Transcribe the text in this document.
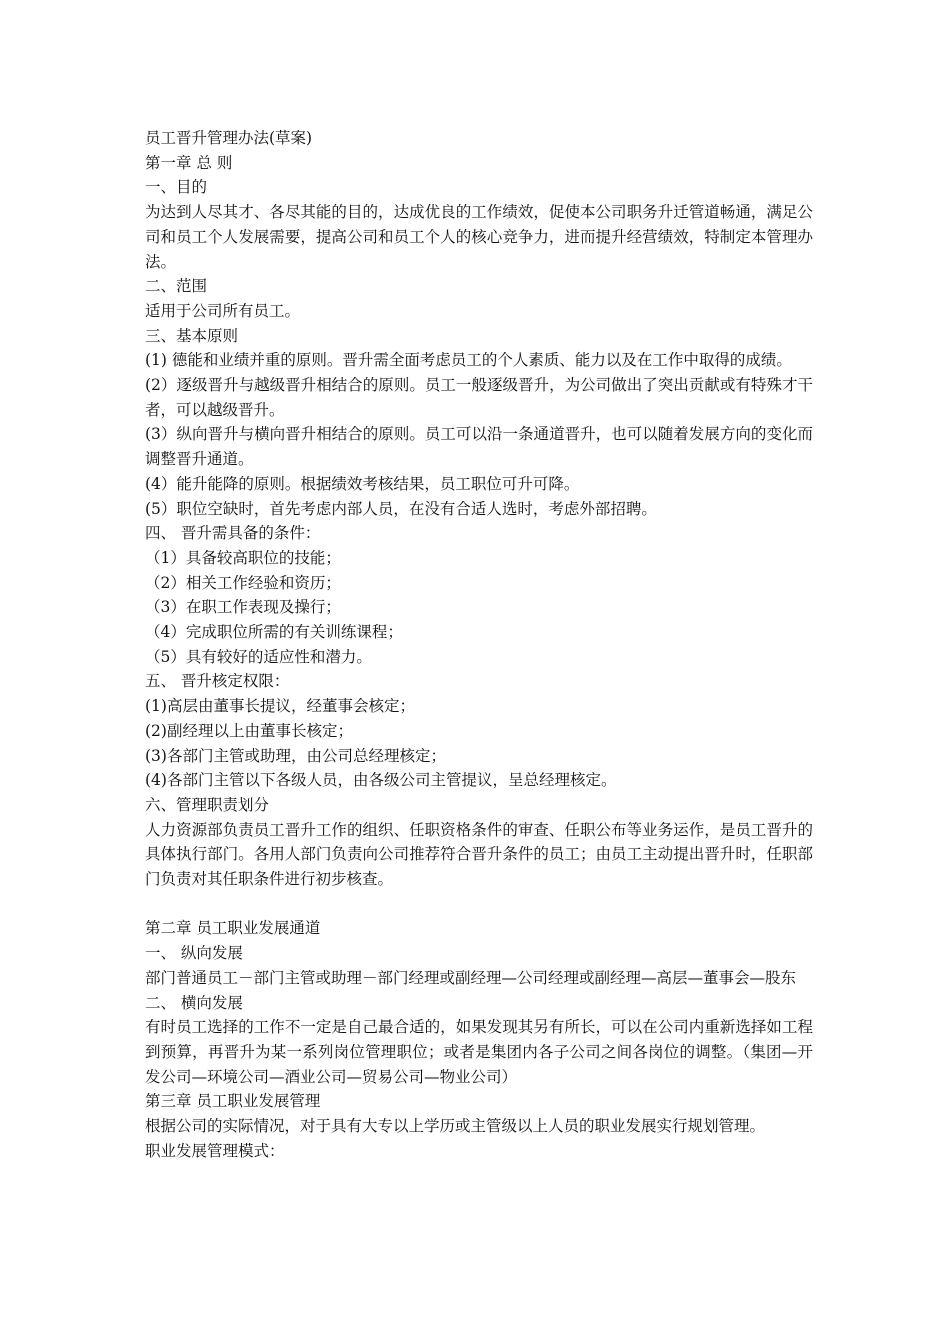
员工晋升管理办法(草案)

第一章 总 则

一、目的

为达到人尽其才、各尽其能的目的，达成优良的工作绩效，促使本公司职务升迁管道畅通，满足公司和员工个人发展需要，提高公司和员工个人的核心竞争力，进而提升经营绩效，特制定本管理办法。

二、范围

适用于公司所有员工。

三、基本原则

(1) 德能和业绩并重的原则。晋升需全面考虑员工的个人素质、能力以及在工作中取得的成绩。

(2）逐级晋升与越级晋升相结合的原则。员工一般逐级晋升，为公司做出了突出贡献或有特殊才干者，可以越级晋升。

(3）纵向晋升与横向晋升相结合的原则。员工可以沿一条通道晋升，也可以随着发展方向的变化而调整晋升通道。

(4）能升能降的原则。根据绩效考核结果，员工职位可升可降。

(5）职位空缺时，首先考虑内部人员，在没有合适人选时，考虑外部招聘。

四、 晋升需具备的条件：

（1）具备较高职位的技能；

（2）相关工作经验和资历；

（3）在职工作表现及操行；

（4）完成职位所需的有关训练课程；

（5）具有较好的适应性和潜力。

五、 晋升核定权限：

(1)高层由董事长提议，经董事会核定；

(2)副经理以上由董事长核定；

(3)各部门主管或助理，由公司总经理核定；

(4)各部门主管以下各级人员，由各级公司主管提议，呈总经理核定。

六、管理职责划分

人力资源部负责员工晋升工作的组织、任职资格条件的审查、任职公布等业务运作，是员工晋升的具体执行部门。各用人部门负责向公司推荐符合晋升条件的员工；由员工主动提出晋升时，任职部门负责对其任职条件进行初步核查。

第二章 员工职业发展通道

一、 纵向发展

部门普通员工－部门主管或助理－部门经理或副经理—公司经理或副经理—高层—董事会—股东

二、 横向发展

有时员工选择的工作不一定是自己最合适的，如果发现其另有所长，可以在公司内重新选择如工程到预算，再晋升为某一系列岗位管理职位；或者是集团内各子公司之间各岗位的调整。（集团—开发公司—环境公司—酒业公司—贸易公司—物业公司）

第三章 员工职业发展管理

根据公司的实际情况，对于具有大专以上学历或主管级以上人员的职业发展实行规划管理。

职业发展管理模式：
